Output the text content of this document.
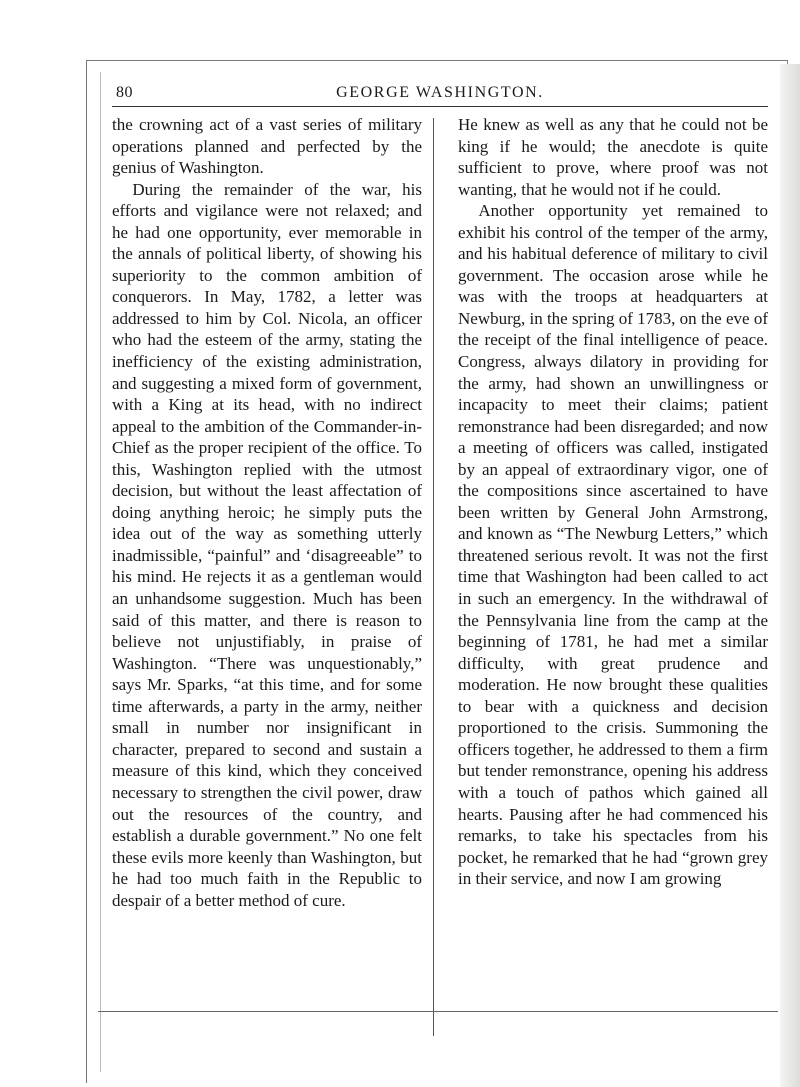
80	GEORGE WASHINGTON.

the crowning act of a vast series of military operations planned and perfected by the genius of Washington.

During the remainder of the war, his efforts and vigilance were not relaxed; and he had one opportunity, ever memorable in the annals of political liberty, of showing his superiority to the common ambition of conquerors. In May, 1782, a letter was addressed to him by Col. Nicola, an officer who had the esteem of the army, stating the inefficiency of the existing administration, and suggesting a mixed form of government, with a King at its head, with no indirect appeal to the ambition of the Commander-in-Chief as the proper recipient of the office. To this, Washington replied with the utmost decision, but without the least affectation of doing anything heroic; he simply puts the idea out of the way as something utterly inadmissible, “painful” and ‘disagreeable” to his mind. He rejects it as a gentleman would an unhandsome suggestion. Much has been said of this matter, and there is reason to believe not unjustifiably, in praise of Washington. “There was unquestionably,” says Mr. Sparks, “at this time, and for some time afterwards, a party in the army, neither small in number nor insignificant in character, prepared to second and sustain a measure of this kind, which they conceived necessary to strengthen the civil power, draw out the resources of the country, and establish a durable government.” No one felt these evils more keenly than Washington, but he had too much faith in the Republic to despair of a better method of cure.

He knew as well as any that he could not be king if he would; the anecdote is quite sufficient to prove, where proof was not wanting, that he would not if he could.

Another opportunity yet remained to exhibit his control of the temper of the army, and his habitual deference of military to civil government. The occasion arose while he was with the troops at headquarters at Newburg, in the spring of 1783, on the eve of the receipt of the final intelligence of peace. Congress, always dilatory in providing for the army, had shown an unwillingness or incapacity to meet their claims; patient remonstrance had been disregarded; and now a meeting of officers was called, instigated by an appeal of extraordinary vigor, one of the compositions since ascertained to have been written by General John Armstrong, and known as “The Newburg Letters,” which threatened serious revolt. It was not the first time that Washington had been called to act in such an emergency. In the withdrawal of the Pennsylvania line from the camp at the beginning of 1781, he had met a similar difficulty, with great prudence and moderation. He now brought these qualities to bear with a quickness and decision proportioned to the crisis. Summoning the officers together, he addressed to them a firm but tender remonstrance, opening his address with a touch of pathos which gained all hearts. Pausing after he had commenced his remarks, to take his spectacles from his pocket, he remarked that he had “grown grey in their service, and now I am growing
